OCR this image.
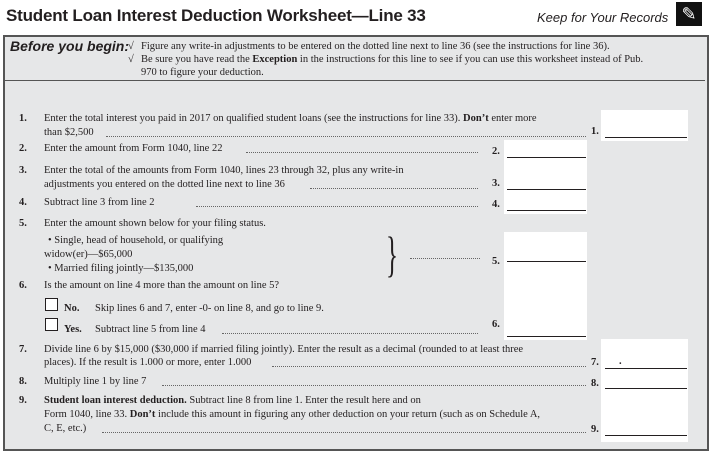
Student Loan Interest Deduction Worksheet—Line 33	Keep for Your Records ✎
Before you begin:
√ Figure any write-in adjustments to be entered on the dotted line next to line 36 (see the instructions for line 36).
√ Be sure you have read the Exception in the instructions for this line to see if you can use this worksheet instead of Pub.
970 to figure your deduction.
1. Enter the total interest you paid in 2017 on qualified student loans (see the instructions for line 33). Don’t enter more
than $2,500	1.
2. Enter the amount from Form 1040, line 22	2.
3. Enter the total of the amounts from Form 1040, lines 23 through 32, plus any write-in
adjustments you entered on the dotted line next to line 36	3.
4. Subtract line 3 from line 2	4.
5. Enter the amount shown below for your filing status.
• Single, head of household, or qualifying
widow(er)—$65,000
• Married filing jointly—$135,000	}	5.
6. Is the amount on line 4 more than the amount on line 5?
No. Skip lines 6 and 7, enter -0- on line 8, and go to line 9.
Yes. Subtract line 5 from line 4	6.
7. Divide line 6 by $15,000 ($30,000 if married filing jointly). Enter the result as a decimal (rounded to at least three
places). If the result is 1.000 or more, enter 1.000	7. .
8. Multiply line 1 by line 7	8.
9. Student loan interest deduction. Subtract line 8 from line 1. Enter the result here and on
Form 1040, line 33. Don’t include this amount in figuring any other deduction on your return (such as on Schedule A,
C, E, etc.)	9.
